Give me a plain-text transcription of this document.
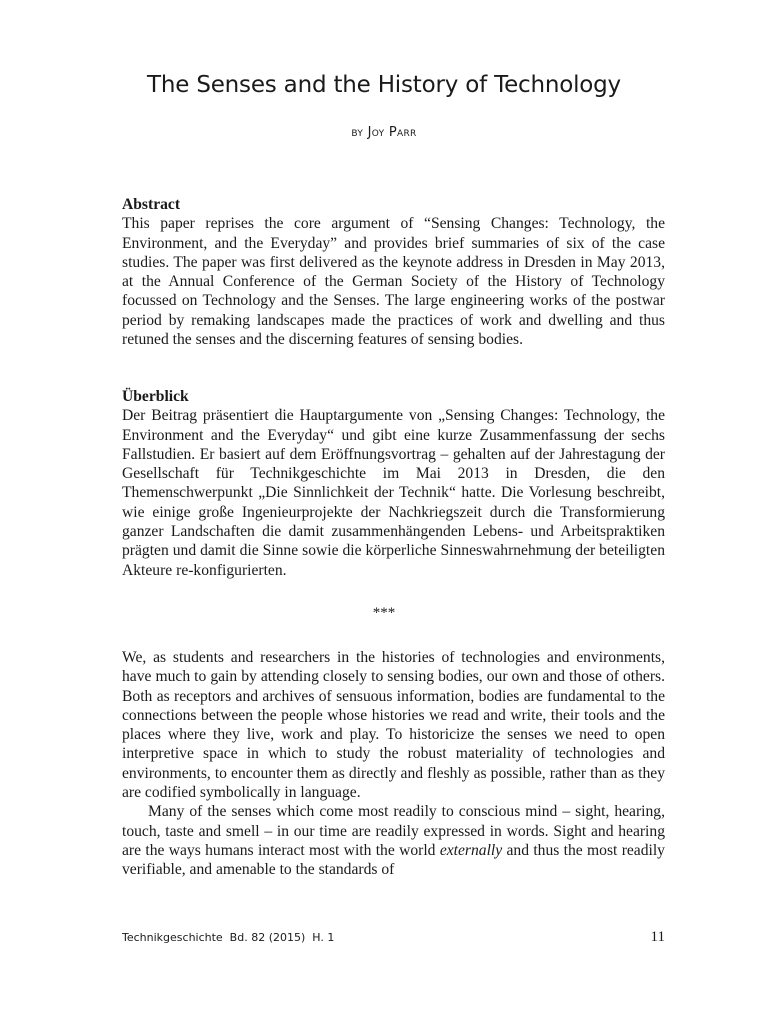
The Senses and the History of Technology
by Joy Parr
Abstract

This paper reprises the core argument of “Sensing Changes: Technology, the Environment, and the Everyday” and provides brief summaries of six of the case studies. The paper was first delivered as the keynote address in Dresden in May 2013, at the Annual Conference of the German Society of the History of Technology focussed on Technology and the Senses. The large engineering works of the postwar period by remaking landscapes made the practices of work and dwelling and thus retuned the senses and the discerning features of sensing bodies.

Überblick

Der Beitrag präsentiert die Hauptargumente von „Sensing Changes: Technology, the Environment and the Everyday“ und gibt eine kurze Zusammenfassung der sechs Fallstudien. Er basiert auf dem Eröffnungsvortrag – gehalten auf der Jahrestagung der Gesellschaft für Technikgeschichte im Mai 2013 in Dresden, die den Themenschwerpunkt „Die Sinnlichkeit der Technik“ hatte. Die Vorlesung beschreibt, wie einige große Ingenieurprojekte der Nachkriegszeit durch die Transformierung ganzer Landschaften die damit zusammenhängenden Lebens- und Arbeitspraktiken prägten und damit die Sinne sowie die körperliche Sinneswahrnehmung der beteiligten Akteure re-konfigurierten.

***

We, as students and researchers in the histories of technologies and environments, have much to gain by attending closely to sensing bodies, our own and those of others. Both as receptors and archives of sensuous information, bodies are fundamental to the connections between the people whose histories we read and write, their tools and the places where they live, work and play. To historicize the senses we need to open interpretive space in which to study the robust materiality of technologies and environments, to encounter them as directly and fleshly as possible, rather than as they are codified symbolically in language.

Many of the senses which come most readily to conscious mind – sight, hearing, touch, taste and smell – in our time are readily expressed in words. Sight and hearing are the ways humans interact most with the world externally and thus the most readily verifiable, and amenable to the standards of

Technikgeschichte  Bd. 82 (2015)  H. 1	11
